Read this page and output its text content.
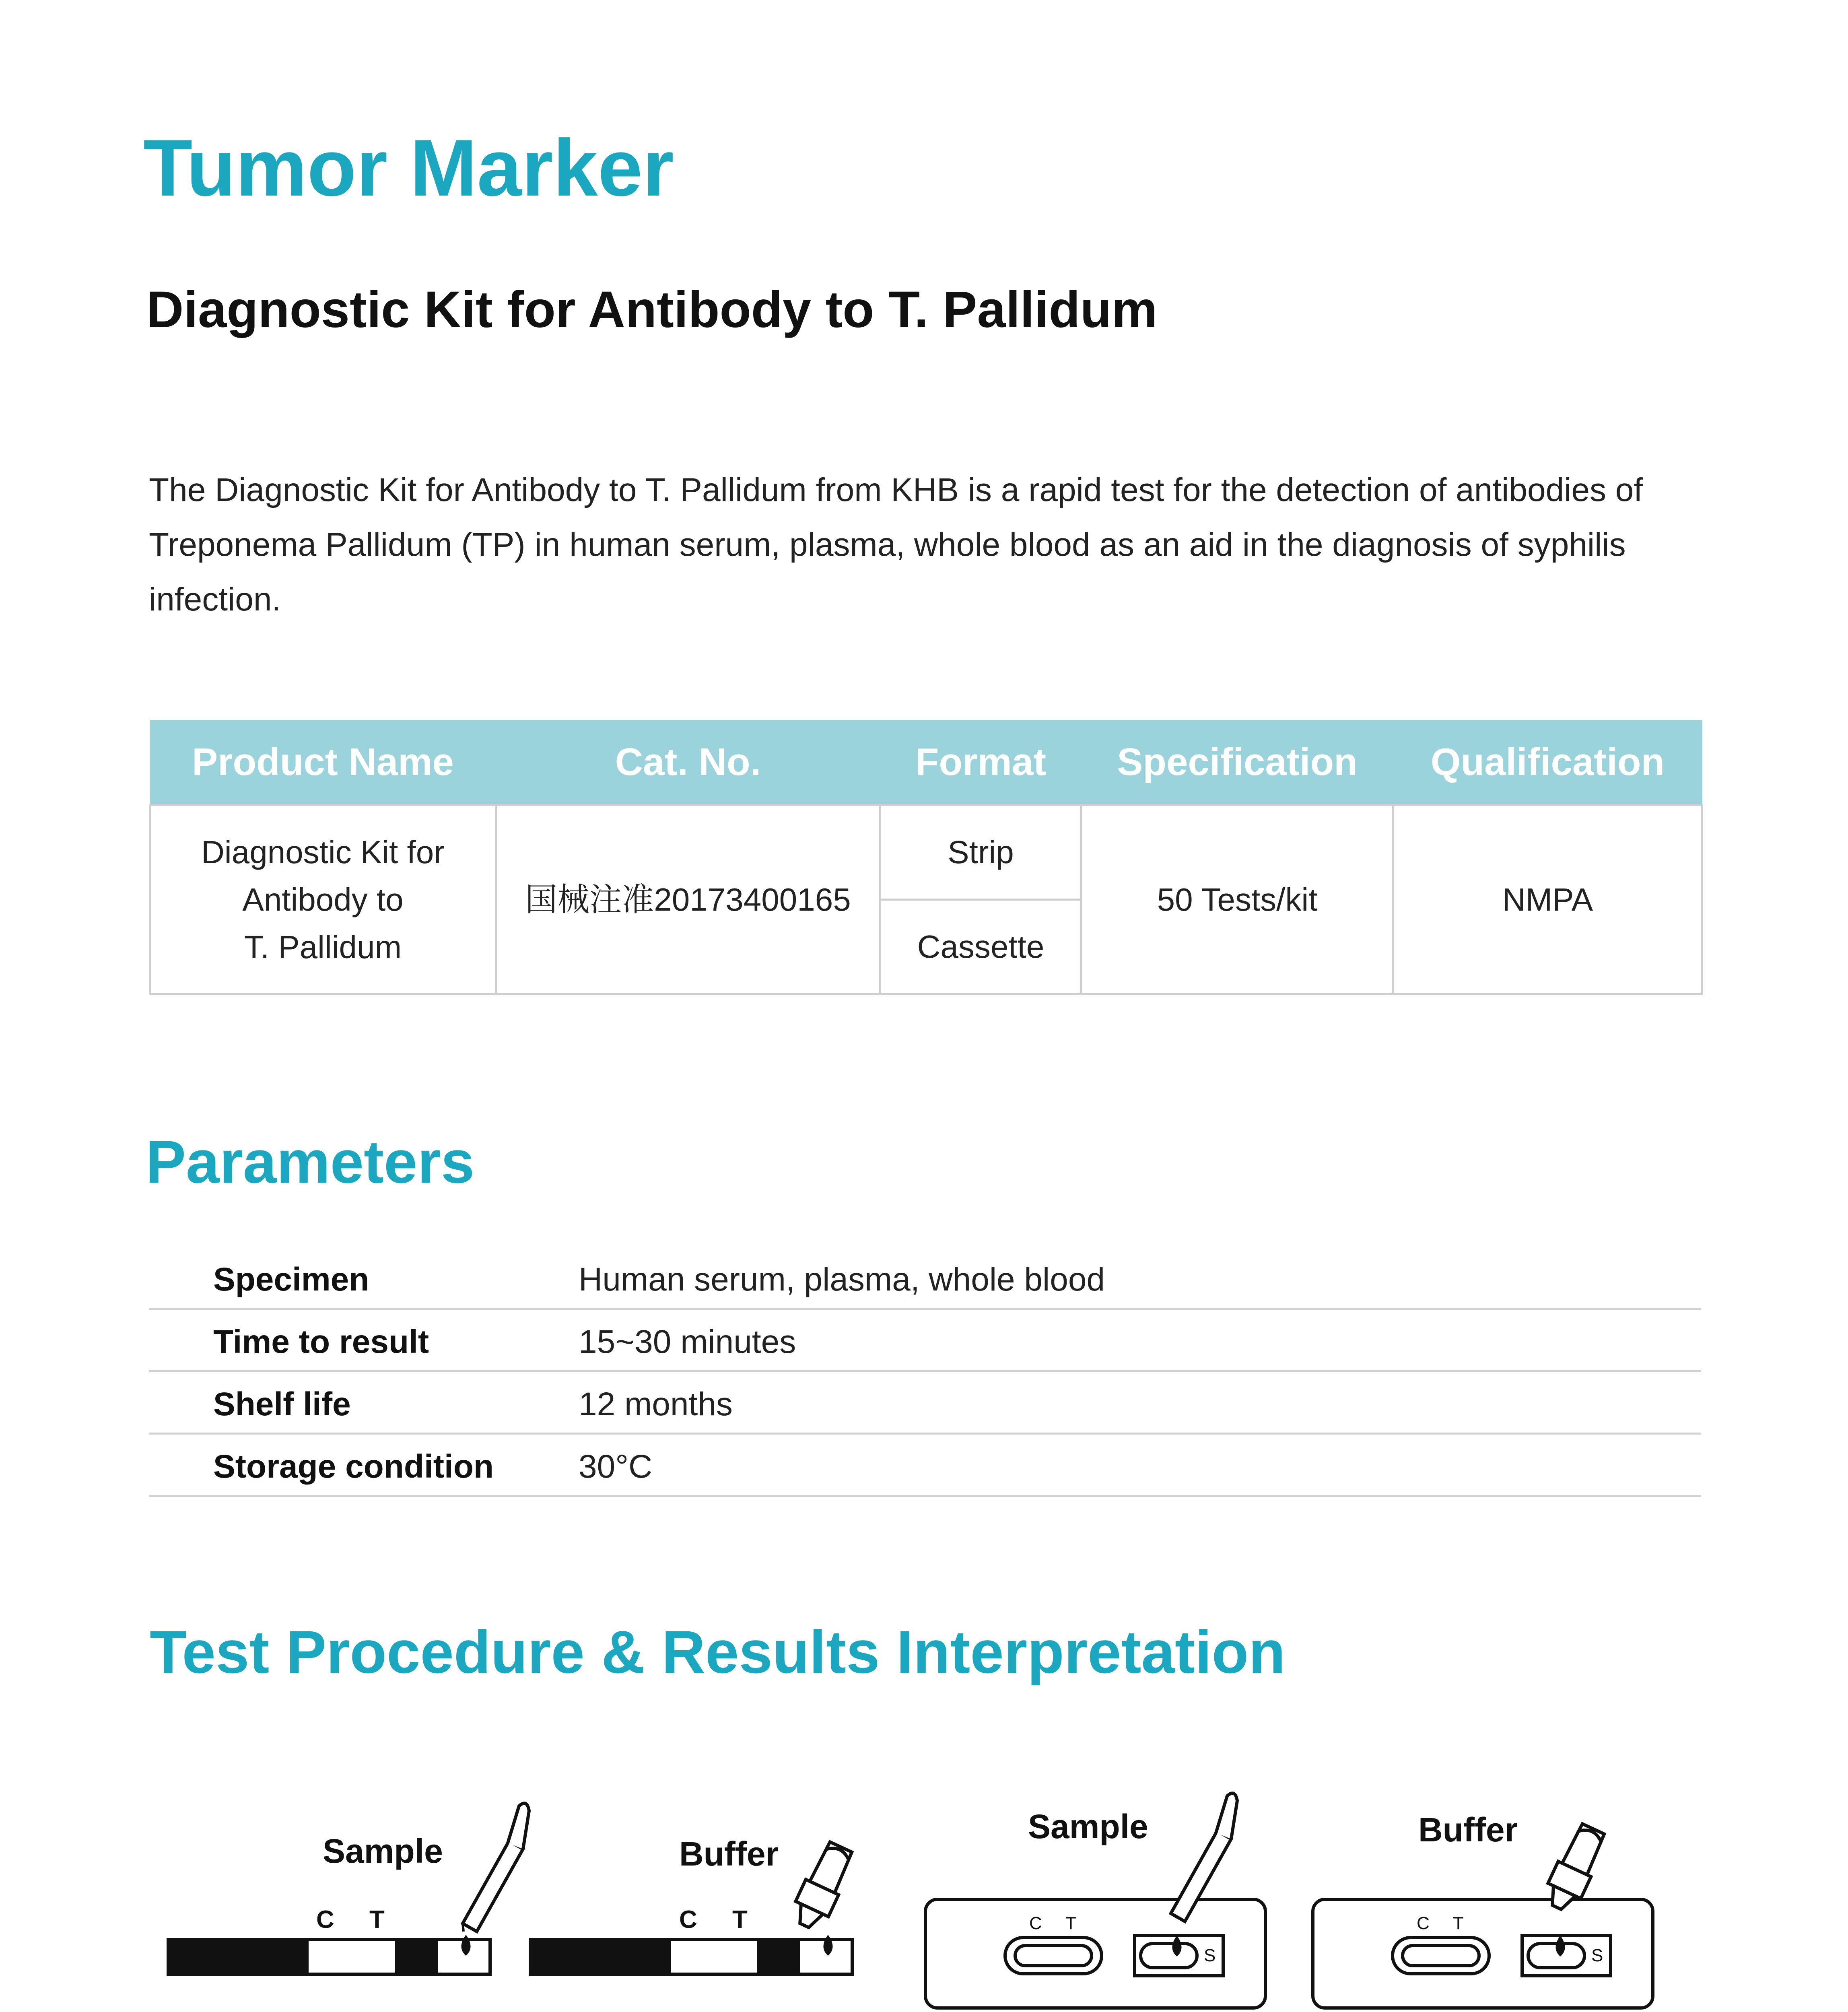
Tumor Marker
Diagnostic Kit for Antibody to T. Pallidum

The Diagnostic Kit for Antibody to T. Pallidum from KHB is a rapid test for the detection of antibodies of Treponema Pallidum (TP) in human serum, plasma, whole blood as an aid in the diagnosis of syphilis infection.

Product Name	Cat. No.	Format	Specification	Qualification

Diagnostic Kit for
Antibody to
T. Pallidum	国械注准20173400165	Strip	50 Tests/kit	NMPA
		Cassette		
Parameters
Specimen	Human serum, plasma, whole blood
Time to result	15~30 minutes
Shelf life	12 months
Storage condition	30°C
Test Procedure & Results Interpretation
Sample
C T
Buffer
C T
Sample
C T
S
Buffer
C T
S
